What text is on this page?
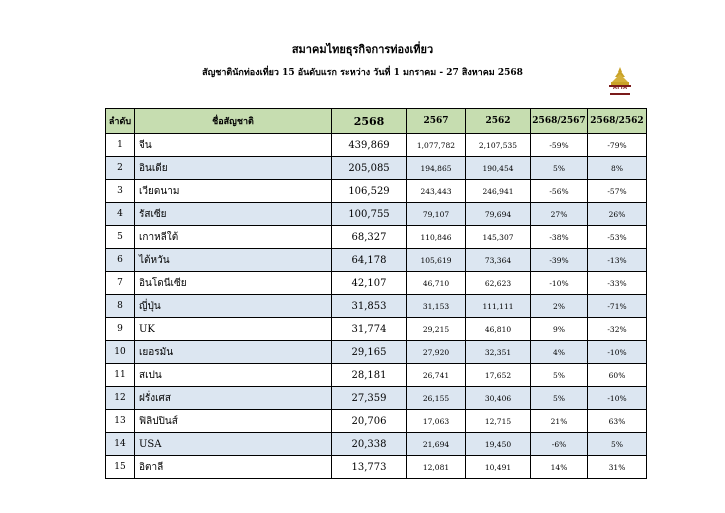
สมาคมไทยธุรกิจการท่องเที่ยว
สัญชาตินักท่องเที่ยว 15 อันดับแรก ระหว่าง วันที่ 1 มกราคม - 27 สิงหาคม 2568
ATTA
ลำดับ	ชื่อสัญชาติ	2568	2567	2562	2568/2567	2568/2562
1	จีน	439,869	1,077,782	2,107,535	-59%	-79%
2	อินเดีย	205,085	194,865	190,454	5%	8%
3	เวียดนาม	106,529	243,443	246,941	-56%	-57%
4	รัสเซีย	100,755	79,107	79,694	27%	26%
5	เกาหลีใต้	68,327	110,846	145,307	-38%	-53%
6	ไต้หวัน	64,178	105,619	73,364	-39%	-13%
7	อินโดนีเซีย	42,107	46,710	62,623	-10%	-33%
8	ญี่ปุ่น	31,853	31,153	111,111	2%	-71%
9	UK	31,774	29,215	46,810	9%	-32%
10	เยอรมัน	29,165	27,920	32,351	4%	-10%
11	สเปน	28,181	26,741	17,652	5%	60%
12	ฝรั่งเศส	27,359	26,155	30,406	5%	-10%
13	ฟิลิปปินส์	20,706	17,063	12,715	21%	63%
14	USA	20,338	21,694	19,450	-6%	5%
15	อิตาลี	13,773	12,081	10,491	14%	31%
